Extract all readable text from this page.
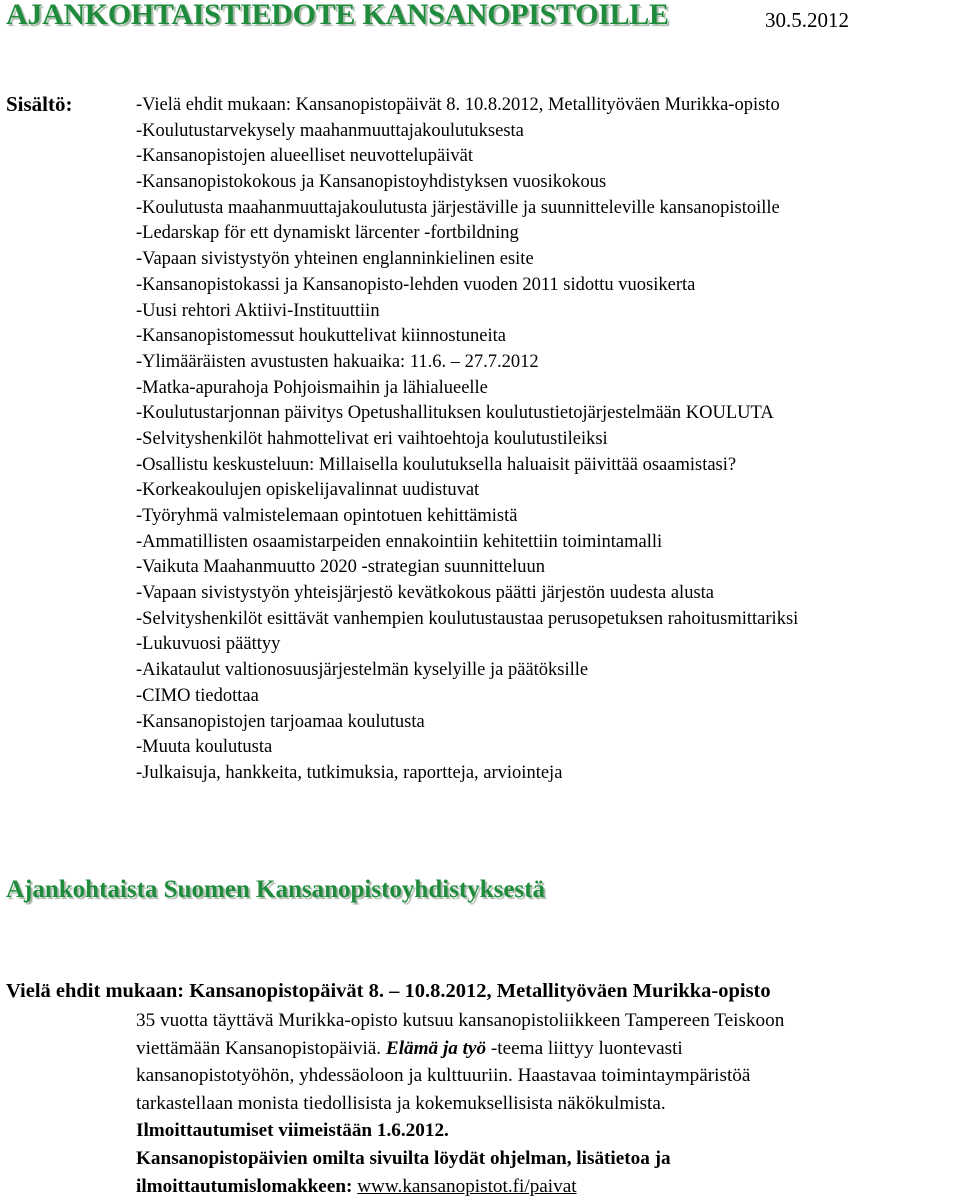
AJANKOHTAISTIEDOTE KANSANOPISTOILLE	30.5.2012
Sisältö:	-Vielä ehdit mukaan: Kansanopistopäivät 8. 10.8.2012, Metallityöväen Murikka-opisto
-Koulutustarvekysely maahanmuuttajakoulutuksesta
-Kansanopistojen alueelliset neuvottelupäivät
-Kansanopistokokous ja Kansanopistoyhdistyksen vuosikokous
-Koulutusta maahanmuuttajakoulutusta järjestäville ja suunnitteleville kansanopistoille
-Ledarskap för ett dynamiskt lärcenter -fortbildning
-Vapaan sivistystyön yhteinen englanninkielinen esite
-Kansanopistokassi ja Kansanopisto-lehden vuoden 2011 sidottu vuosikerta
-Uusi rehtori Aktiivi-Instituuttiin
-Kansanopistomessut houkuttelivat kiinnostuneita
-Ylimääräisten avustusten hakuaika: 11.6. – 27.7.2012
-Matka-apurahoja Pohjoismaihin ja lähialueelle
-Koulutustarjonnan päivitys Opetushallituksen koulutustietojärjestelmään KOULUTA
-Selvityshenkilöt hahmottelivat eri vaihtoehtoja koulutustileiksi
-Osallistu keskusteluun: Millaisella koulutuksella haluaisit päivittää osaamistasi?
-Korkeakoulujen opiskelijavalinnat uudistuvat
-Työryhmä valmistelemaan opintotuen kehittämistä
-Ammatillisten osaamistarpeiden ennakointiin kehitettiin toimintamalli
-Vaikuta Maahanmuutto 2020 -strategian suunnitteluun
-Vapaan sivistystyön yhteisjärjestö kevätkokous päätti järjestön uudesta alusta
-Selvityshenkilöt esittävät vanhempien koulutustaustaa perusopetuksen rahoitusmittariksi
-Lukuvuosi päättyy
-Aikataulut valtionosuusjärjestelmän kyselyille ja päätöksille
-CIMO tiedottaa
-Kansanopistojen tarjoamaa koulutusta
-Muuta koulutusta
-Julkaisuja, hankkeita, tutkimuksia, raportteja, arviointeja
Ajankohtaista Suomen Kansanopistoyhdistyksestä
Vielä ehdit mukaan: Kansanopistopäivät 8. – 10.8.2012, Metallityöväen Murikka-opisto

35 vuotta täyttävä Murikka-opisto kutsuu kansanopistoliikkeen Tampereen Teiskoon

viettämään Kansanopistopäiviä. Elämä ja työ -teema liittyy luontevasti

kansanopistotyöhön, yhdessäoloon ja kulttuuriin. Haastavaa toimintaympäristöä

tarkastellaan monista tiedollisista ja kokemuksellisista näkökulmista.

Ilmoittautumiset viimeistään 1.6.2012.

Kansanopistopäivien omilta sivuilta löydät ohjelman, lisätietoa ja

ilmoittautumislomakkeen: www.kansanopistot.fi/paivat
